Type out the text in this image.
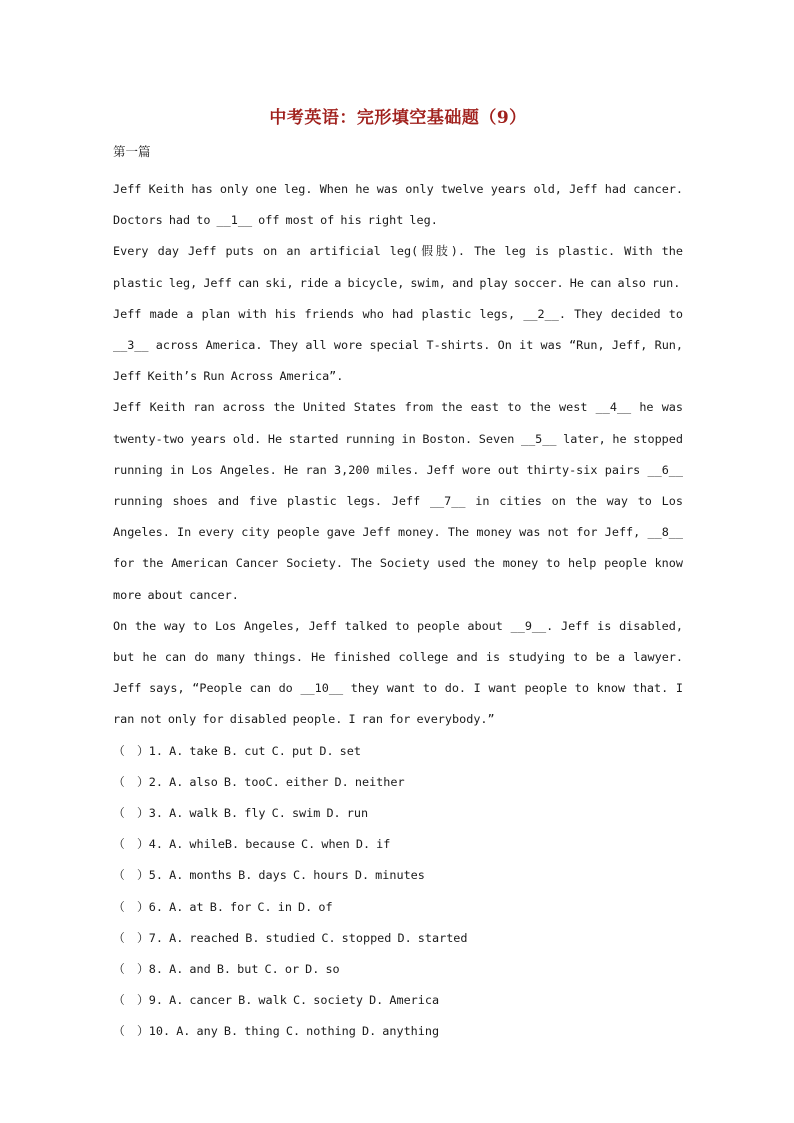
中考英语：完形填空基础题（9）
第一篇

Jeff Keith has only one leg. When he was only twelve years old, Jeff had cancer. Doctors had to __1__ off most of his right leg.

Every day Jeff puts on an artificial leg(假肢). The leg is plastic. With the plastic leg, Jeff can ski, ride a bicycle, swim, and play soccer. He can also run.

Jeff made a plan with his friends who had plastic legs, __2__. They decided to __3__ across America. They all wore special T-shirts. On it was “Run, Jeff, Run, Jeff Keith’s Run Across America”.

Jeff Keith ran across the United States from the east to the west __4__ he was twenty-two years old. He started running in Boston. Seven __5__ later, he stopped running in Los Angeles. He ran 3,200 miles. Jeff wore out thirty-six pairs __6__ running shoes and five plastic legs. Jeff __7__ in cities on the way to Los Angeles. In every city people gave Jeff money. The money was not for Jeff, __8__ for the American Cancer Society. The Society used the money to help people know more about cancer.

On the way to Los Angeles, Jeff talked to people about __9__. Jeff is disabled, but he can do many things. He finished college and is studying to be a lawyer. Jeff says, “People can do __10__ they want to do. I want people to know that. I ran not only for disabled people. I ran for everybody.”

（  ）1. A. take B. cut C. put D. set
（  ）2. A. also B. tooC. either D. neither
（  ）3. A. walk B. fly C. swim D. run
（  ）4. A. whileB. because C. when D. if
（  ）5. A. months B. days C. hours D. minutes
（  ）6. A. at B. for C. in D. of
（  ）7. A. reached B. studied C. stopped D. started
（  ）8. A. and B. but C. or D. so
（  ）9. A. cancer B. walk C. society D. America
（  ）10. A. any B. thing C. nothing D. anything
